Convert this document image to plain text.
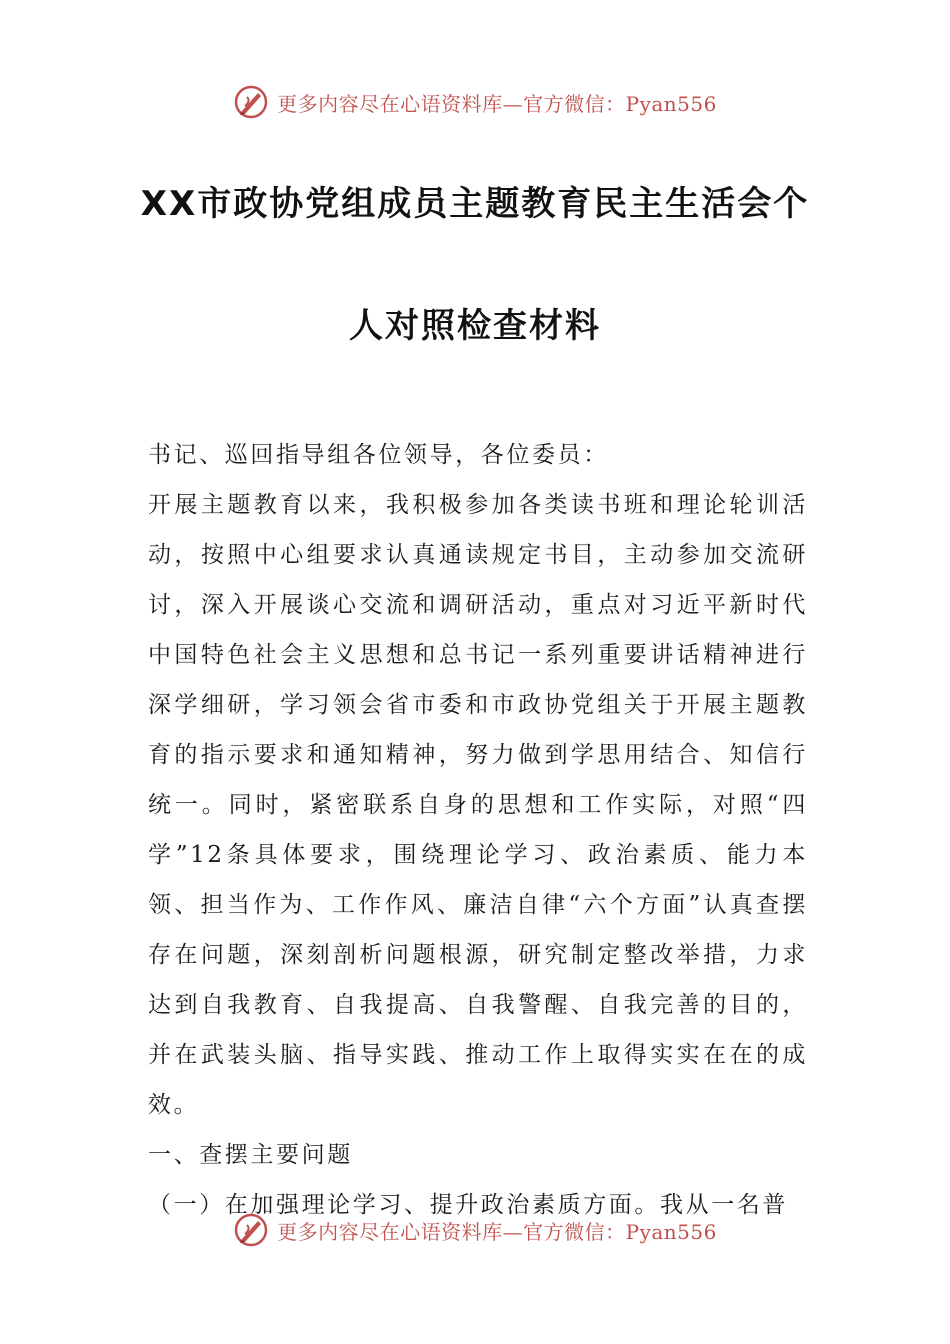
更多内容尽在心语资料库—官方微信：Pyan556
XX市政协党组成员主题教育民主生活会个
人对照检查材料

书记、巡回指导组各位领导，各位委员：

开展主题教育以来，我积极参加各类读书班和理论轮训活动，按照中心组要求认真通读规定书目，主动参加交流研讨，深入开展谈心交流和调研活动，重点对习近平新时代中国特色社会主义思想和总书记一系列重要讲话精神进行深学细研，学习领会省市委和市政协党组关于开展主题教育的指示要求和通知精神，努力做到学思用结合、知信行统一。同时，紧密联系自身的思想和工作实际，对照“四学”12条具体要求，围绕理论学习、政治素质、能力本领、担当作为、工作作风、廉洁自律“六个方面”认真查摆存在问题，深刻剖析问题根源，研究制定整改举措，力求达到自我教育、自我提高、自我警醒、自我完善的目的，并在武装头脑、指导实践、推动工作上取得实实在在的成效。

一、查摆主要问题

（一）在加强理论学习、提升政治素质方面。我从一名普

更多内容尽在心语资料库—官方微信：Pyan556
